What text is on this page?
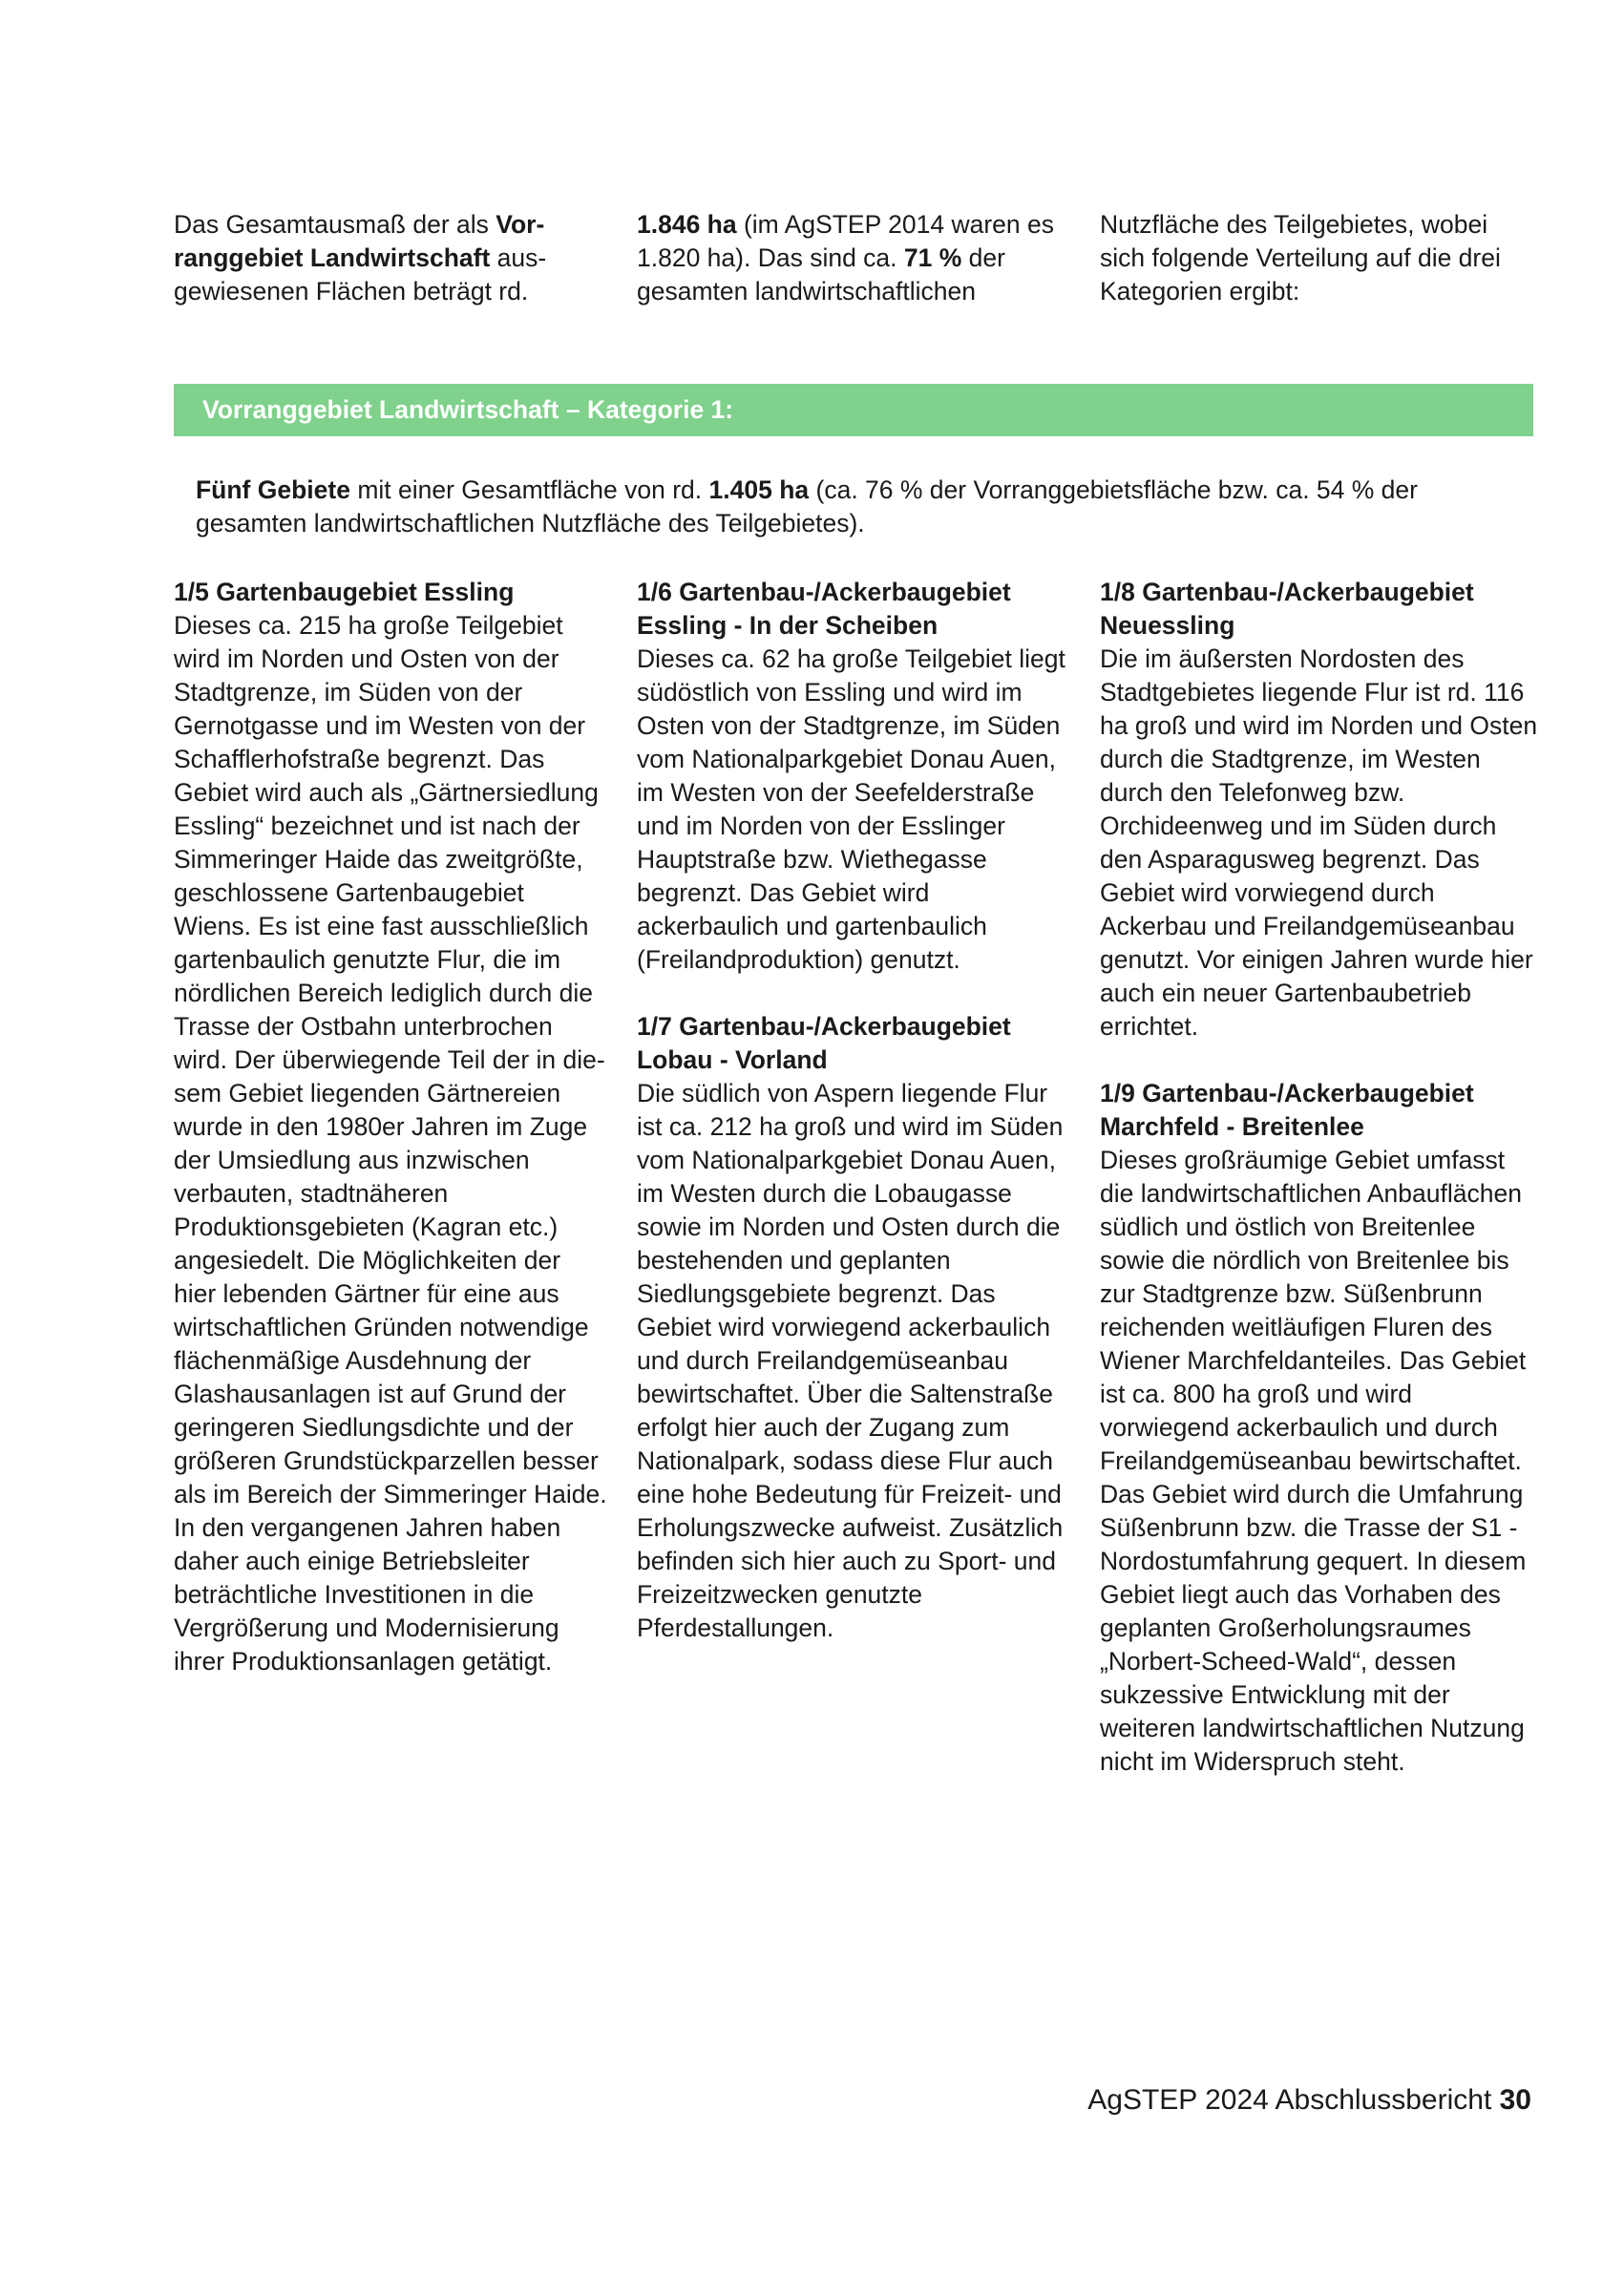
Das Gesamtausmaß der als Vorranggebiet Landwirtschaft ausgewiesenen Flächen beträgt rd.

1.846 ha (im AgSTEP 2014 waren es 1.820 ha). Das sind ca. 71 % der gesamten landwirtschaftlichen

Nutzfläche des Teilgebietes, wobei sich folgende Verteilung auf die drei Kategorien ergibt:

Vorranggebiet Landwirtschaft – Kategorie 1:
Fünf Gebiete mit einer Gesamtfläche von rd. 1.405 ha (ca. 76 % der Vorranggebietsfläche bzw. ca. 54 % der gesamten landwirtschaftlichen Nutzfläche des Teilgebietes).
1/5 Gartenbaugebiet Essling

Dieses ca. 215 ha große Teilgebiet wird im Norden und Osten von der Stadtgrenze, im Süden von der Gernotgasse und im Westen von der Schafflerhofstraße begrenzt. Das Gebiet wird auch als „Gärtnersiedlung Essling“ bezeichnet und ist nach der Simmeringer Haide das zweitgrößte, geschlossene Gartenbaugebiet Wiens. Es ist eine fast ausschließlich gartenbaulich genutzte Flur, die im nördlichen Bereich lediglich durch die Trasse der Ostbahn unterbrochen wird. Der überwiegende Teil der in diesem Gebiet liegenden Gärtnereien wurde in den 1980er Jahren im Zuge der Umsiedlung aus inzwischen verbauten, stadtnäheren Produktionsgebieten (Kagran etc.) angesiedelt. Die Möglichkeiten der hier lebenden Gärtner für eine aus wirtschaftlichen Gründen notwendige flächenmäßige Ausdehnung der Glashausanlagen ist auf Grund der geringeren Siedlungsdichte und der größeren Grundstückparzellen besser als im Bereich der Simmeringer Haide. In den vergangenen Jahren haben daher auch einige Betriebsleiter beträchtliche Investitionen in die Vergrößerung und Modernisierung ihrer Produktionsanlagen getätigt.

1/6 Gartenbau-/Ackerbaugebiet Essling - In der Scheiben

Dieses ca. 62 ha große Teilgebiet liegt südöstlich von Essling und wird im Osten von der Stadtgrenze, im Süden vom Nationalparkgebiet Donau Auen, im Westen von der Seefelderstraße und im Norden von der Esslinger Hauptstraße bzw. Wiethegasse begrenzt. Das Gebiet wird ackerbaulich und gartenbaulich (Freilandproduktion) genutzt.

1/7 Gartenbau-/Ackerbaugebiet Lobau - Vorland

Die südlich von Aspern liegende Flur ist ca. 212 ha groß und wird im Süden vom Nationalparkgebiet Donau Auen, im Westen durch die Lobaugasse sowie im Norden und Osten durch die bestehenden und geplanten Siedlungsgebiete begrenzt. Das Gebiet wird vorwiegend ackerbaulich und durch Freilandgemüseanbau bewirtschaftet. Über die Saltenstraße erfolgt hier auch der Zugang zum Nationalpark, sodass diese Flur auch eine hohe Bedeutung für Freizeit- und Erholungszwecke aufweist. Zusätzlich befinden sich hier auch zu Sport- und Freizeitzwecken genutzte Pferdestallungen.

1/8 Gartenbau-/Ackerbaugebiet Neuessling

Die im äußersten Nordosten des Stadtgebietes liegende Flur ist rd. 116 ha groß und wird im Norden und Osten durch die Stadtgrenze, im Westen durch den Telefonweg bzw. Orchideenweg und im Süden durch den Asparagusweg begrenzt. Das Gebiet wird vorwiegend durch Ackerbau und Freilandgemüseanbau genutzt. Vor einigen Jahren wurde hier auch ein neuer Gartenbaubetrieb errichtet.

1/9 Gartenbau-/Ackerbaugebiet Marchfeld - Breitenlee

Dieses großräumige Gebiet umfasst die landwirtschaftlichen Anbauflächen südlich und östlich von Breitenlee sowie die nördlich von Breitenlee bis zur Stadtgrenze bzw. Süßenbrunn reichenden weitläufigen Fluren des Wiener Marchfeldanteiles. Das Gebiet ist ca. 800 ha groß und wird vorwiegend ackerbaulich und durch Freilandgemüseanbau bewirtschaftet. Das Gebiet wird durch die Umfahrung Süßenbrunn bzw. die Trasse der S1 - Nordostumfahrung gequert. In diesem Gebiet liegt auch das Vorhaben des geplanten Großerholungsraumes „Norbert-Scheed-Wald“, dessen sukzessive Entwicklung mit der weiteren landwirtschaftlichen Nutzung nicht im Widerspruch steht.

AgSTEP 2024 Abschlussbericht 30
